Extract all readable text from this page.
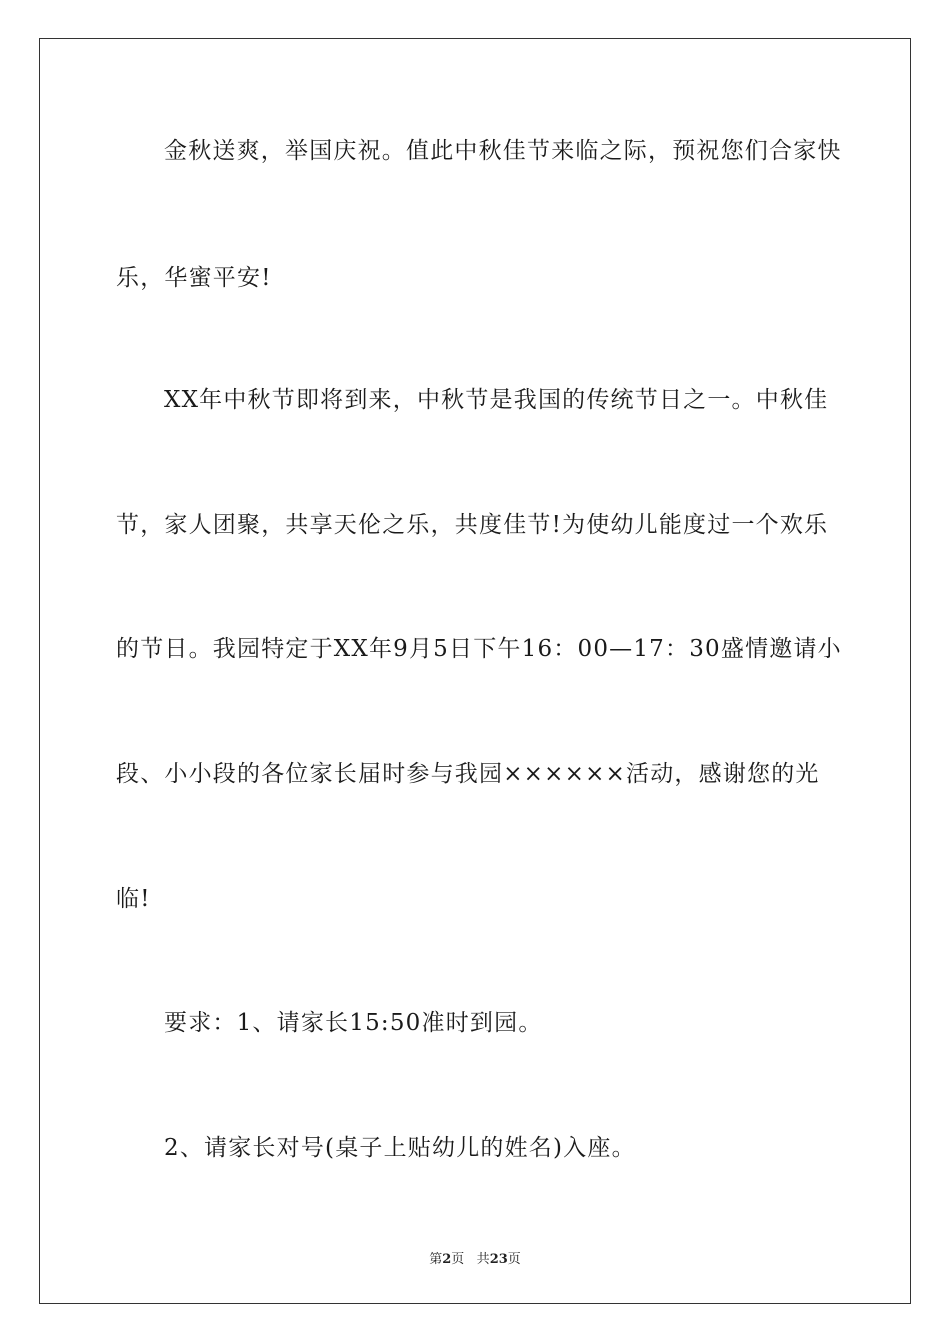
金秋送爽，举国庆祝。值此中秋佳节来临之际，预祝您们合家快
乐，华蜜平安!
XX年中秋节即将到来，中秋节是我国的传统节日之一。中秋佳
节，家人团聚，共享天伦之乐，共度佳节!为使幼儿能度过一个欢乐
的节日。我园特定于XX年9月5日下午16：00—17：30盛情邀请小
段、小小段的各位家长届时参与我园××××××活动，感谢您的光
临!
要求：1、请家长15:50准时到园。
2、请家长对号(桌子上贴幼儿的姓名)入座。
第2页 共23页
